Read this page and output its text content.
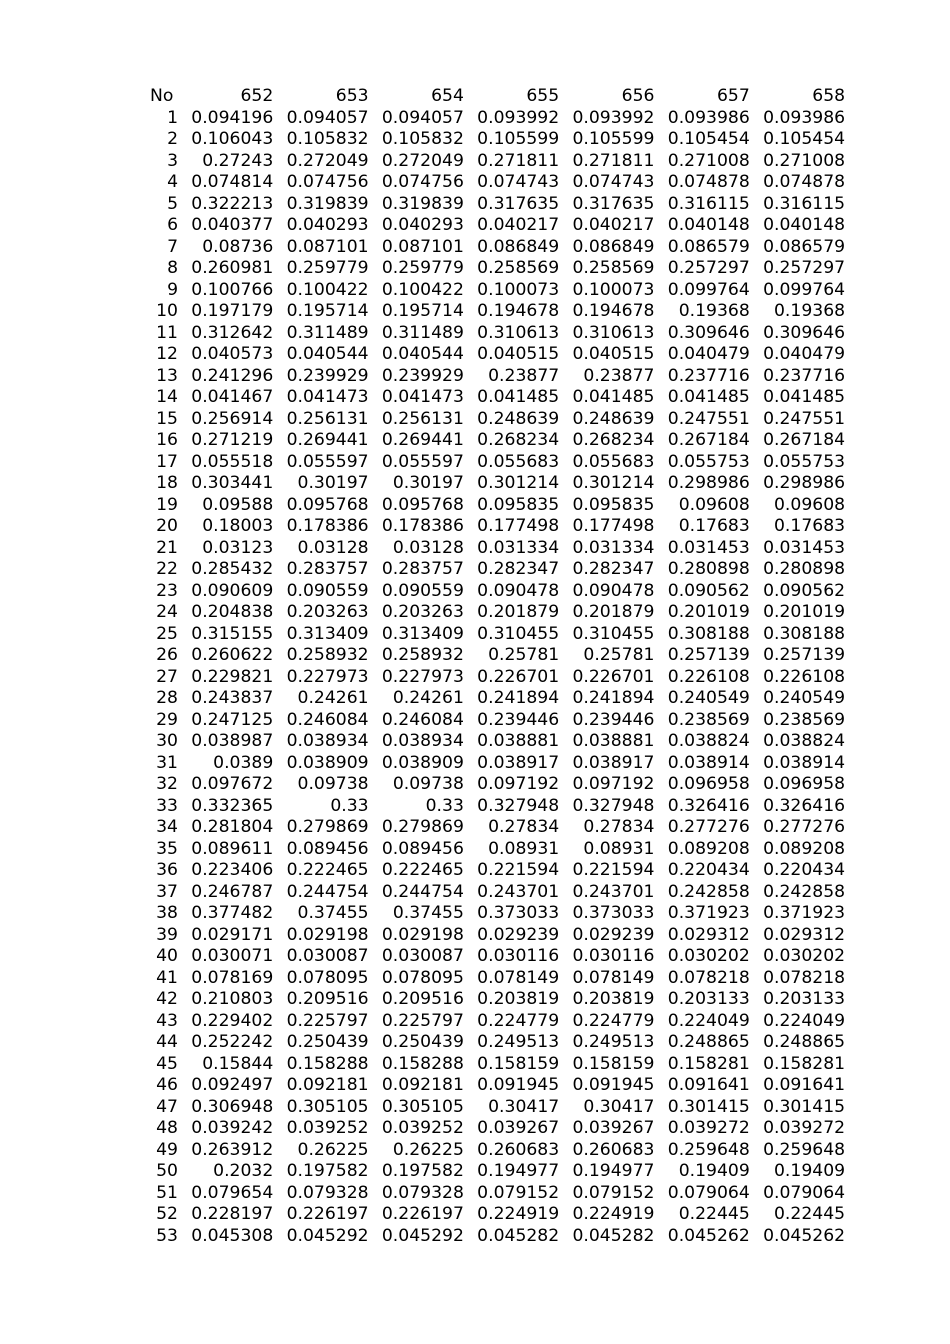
No	652	653	654	655	656	657	658
1	0.094196	0.094057	0.094057	0.093992	0.093992	0.093986	0.093986
2	0.106043	0.105832	0.105832	0.105599	0.105599	0.105454	0.105454
3	0.27243	0.272049	0.272049	0.271811	0.271811	0.271008	0.271008
4	0.074814	0.074756	0.074756	0.074743	0.074743	0.074878	0.074878
5	0.322213	0.319839	0.319839	0.317635	0.317635	0.316115	0.316115
6	0.040377	0.040293	0.040293	0.040217	0.040217	0.040148	0.040148
7	0.08736	0.087101	0.087101	0.086849	0.086849	0.086579	0.086579
8	0.260981	0.259779	0.259779	0.258569	0.258569	0.257297	0.257297
9	0.100766	0.100422	0.100422	0.100073	0.100073	0.099764	0.099764
10	0.197179	0.195714	0.195714	0.194678	0.194678	0.19368	0.19368
11	0.312642	0.311489	0.311489	0.310613	0.310613	0.309646	0.309646
12	0.040573	0.040544	0.040544	0.040515	0.040515	0.040479	0.040479
13	0.241296	0.239929	0.239929	0.23877	0.23877	0.237716	0.237716
14	0.041467	0.041473	0.041473	0.041485	0.041485	0.041485	0.041485
15	0.256914	0.256131	0.256131	0.248639	0.248639	0.247551	0.247551
16	0.271219	0.269441	0.269441	0.268234	0.268234	0.267184	0.267184
17	0.055518	0.055597	0.055597	0.055683	0.055683	0.055753	0.055753
18	0.303441	0.30197	0.30197	0.301214	0.301214	0.298986	0.298986
19	0.09588	0.095768	0.095768	0.095835	0.095835	0.09608	0.09608
20	0.18003	0.178386	0.178386	0.177498	0.177498	0.17683	0.17683
21	0.03123	0.03128	0.03128	0.031334	0.031334	0.031453	0.031453
22	0.285432	0.283757	0.283757	0.282347	0.282347	0.280898	0.280898
23	0.090609	0.090559	0.090559	0.090478	0.090478	0.090562	0.090562
24	0.204838	0.203263	0.203263	0.201879	0.201879	0.201019	0.201019
25	0.315155	0.313409	0.313409	0.310455	0.310455	0.308188	0.308188
26	0.260622	0.258932	0.258932	0.25781	0.25781	0.257139	0.257139
27	0.229821	0.227973	0.227973	0.226701	0.226701	0.226108	0.226108
28	0.243837	0.24261	0.24261	0.241894	0.241894	0.240549	0.240549
29	0.247125	0.246084	0.246084	0.239446	0.239446	0.238569	0.238569
30	0.038987	0.038934	0.038934	0.038881	0.038881	0.038824	0.038824
31	0.0389	0.038909	0.038909	0.038917	0.038917	0.038914	0.038914
32	0.097672	0.09738	0.09738	0.097192	0.097192	0.096958	0.096958
33	0.332365	0.33	0.33	0.327948	0.327948	0.326416	0.326416
34	0.281804	0.279869	0.279869	0.27834	0.27834	0.277276	0.277276
35	0.089611	0.089456	0.089456	0.08931	0.08931	0.089208	0.089208
36	0.223406	0.222465	0.222465	0.221594	0.221594	0.220434	0.220434
37	0.246787	0.244754	0.244754	0.243701	0.243701	0.242858	0.242858
38	0.377482	0.37455	0.37455	0.373033	0.373033	0.371923	0.371923
39	0.029171	0.029198	0.029198	0.029239	0.029239	0.029312	0.029312
40	0.030071	0.030087	0.030087	0.030116	0.030116	0.030202	0.030202
41	0.078169	0.078095	0.078095	0.078149	0.078149	0.078218	0.078218
42	0.210803	0.209516	0.209516	0.203819	0.203819	0.203133	0.203133
43	0.229402	0.225797	0.225797	0.224779	0.224779	0.224049	0.224049
44	0.252242	0.250439	0.250439	0.249513	0.249513	0.248865	0.248865
45	0.15844	0.158288	0.158288	0.158159	0.158159	0.158281	0.158281
46	0.092497	0.092181	0.092181	0.091945	0.091945	0.091641	0.091641
47	0.306948	0.305105	0.305105	0.30417	0.30417	0.301415	0.301415
48	0.039242	0.039252	0.039252	0.039267	0.039267	0.039272	0.039272
49	0.263912	0.26225	0.26225	0.260683	0.260683	0.259648	0.259648
50	0.2032	0.197582	0.197582	0.194977	0.194977	0.19409	0.19409
51	0.079654	0.079328	0.079328	0.079152	0.079152	0.079064	0.079064
52	0.228197	0.226197	0.226197	0.224919	0.224919	0.22445	0.22445
53	0.045308	0.045292	0.045292	0.045282	0.045282	0.045262	0.045262
